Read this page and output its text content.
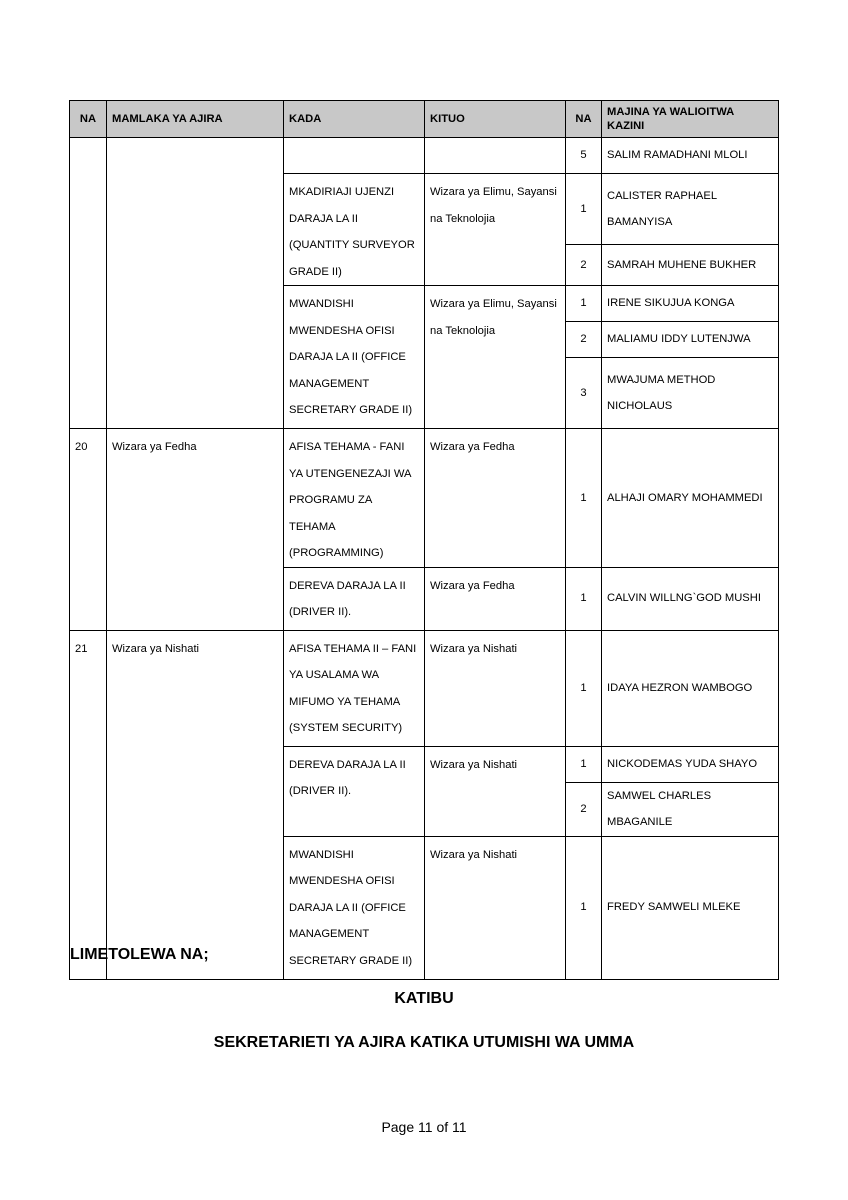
NA	MAMLAKA YA AJIRA	KADA	KITUO	NA	MAJINA YA WALIOITWA KAZINI
				5	SALIM RAMADHANI MLOLI
		MKADIRIAJI UJENZI DARAJA LA II (QUANTITY SURVEYOR GRADE II)	Wizara ya Elimu, Sayansi na Teknolojia	1	CALISTER RAPHAEL BAMANYISA
				2	SAMRAH MUHENE BUKHER
		MWANDISHI MWENDESHA OFISI DARAJA LA II (OFFICE MANAGEMENT SECRETARY GRADE II)	Wizara ya Elimu, Sayansi na Teknolojia	1	IRENE SIKUJUA KONGA
				2	MALIAMU IDDY LUTENJWA
				3	MWAJUMA METHOD NICHOLAUS
20	Wizara ya Fedha	AFISA TEHAMA - FANI YA UTENGENEZAJI WA PROGRAMU ZA TEHAMA (PROGRAMMING)	Wizara ya Fedha	1	ALHAJI OMARY MOHAMMEDI
		DEREVA DARAJA LA II (DRIVER II).	Wizara ya Fedha	1	CALVIN WILLNG`GOD MUSHI
21	Wizara ya Nishati	AFISA TEHAMA II – FANI YA USALAMA WA MIFUMO YA TEHAMA (SYSTEM SECURITY)	Wizara ya Nishati	1	IDAYA HEZRON WAMBOGO
		DEREVA DARAJA LA II (DRIVER II).	Wizara ya Nishati	1	NICKODEMAS YUDA SHAYO
				2	SAMWEL CHARLES MBAGANILE
		MWANDISHI MWENDESHA OFISI DARAJA LA II (OFFICE MANAGEMENT SECRETARY GRADE II)	Wizara ya Nishati	1	FREDY SAMWELI MLEKE
LIMETOLEWA NA;
KATIBU
SEKRETARIETI YA AJIRA KATIKA UTUMISHI WA UMMA
Page 11 of 11
